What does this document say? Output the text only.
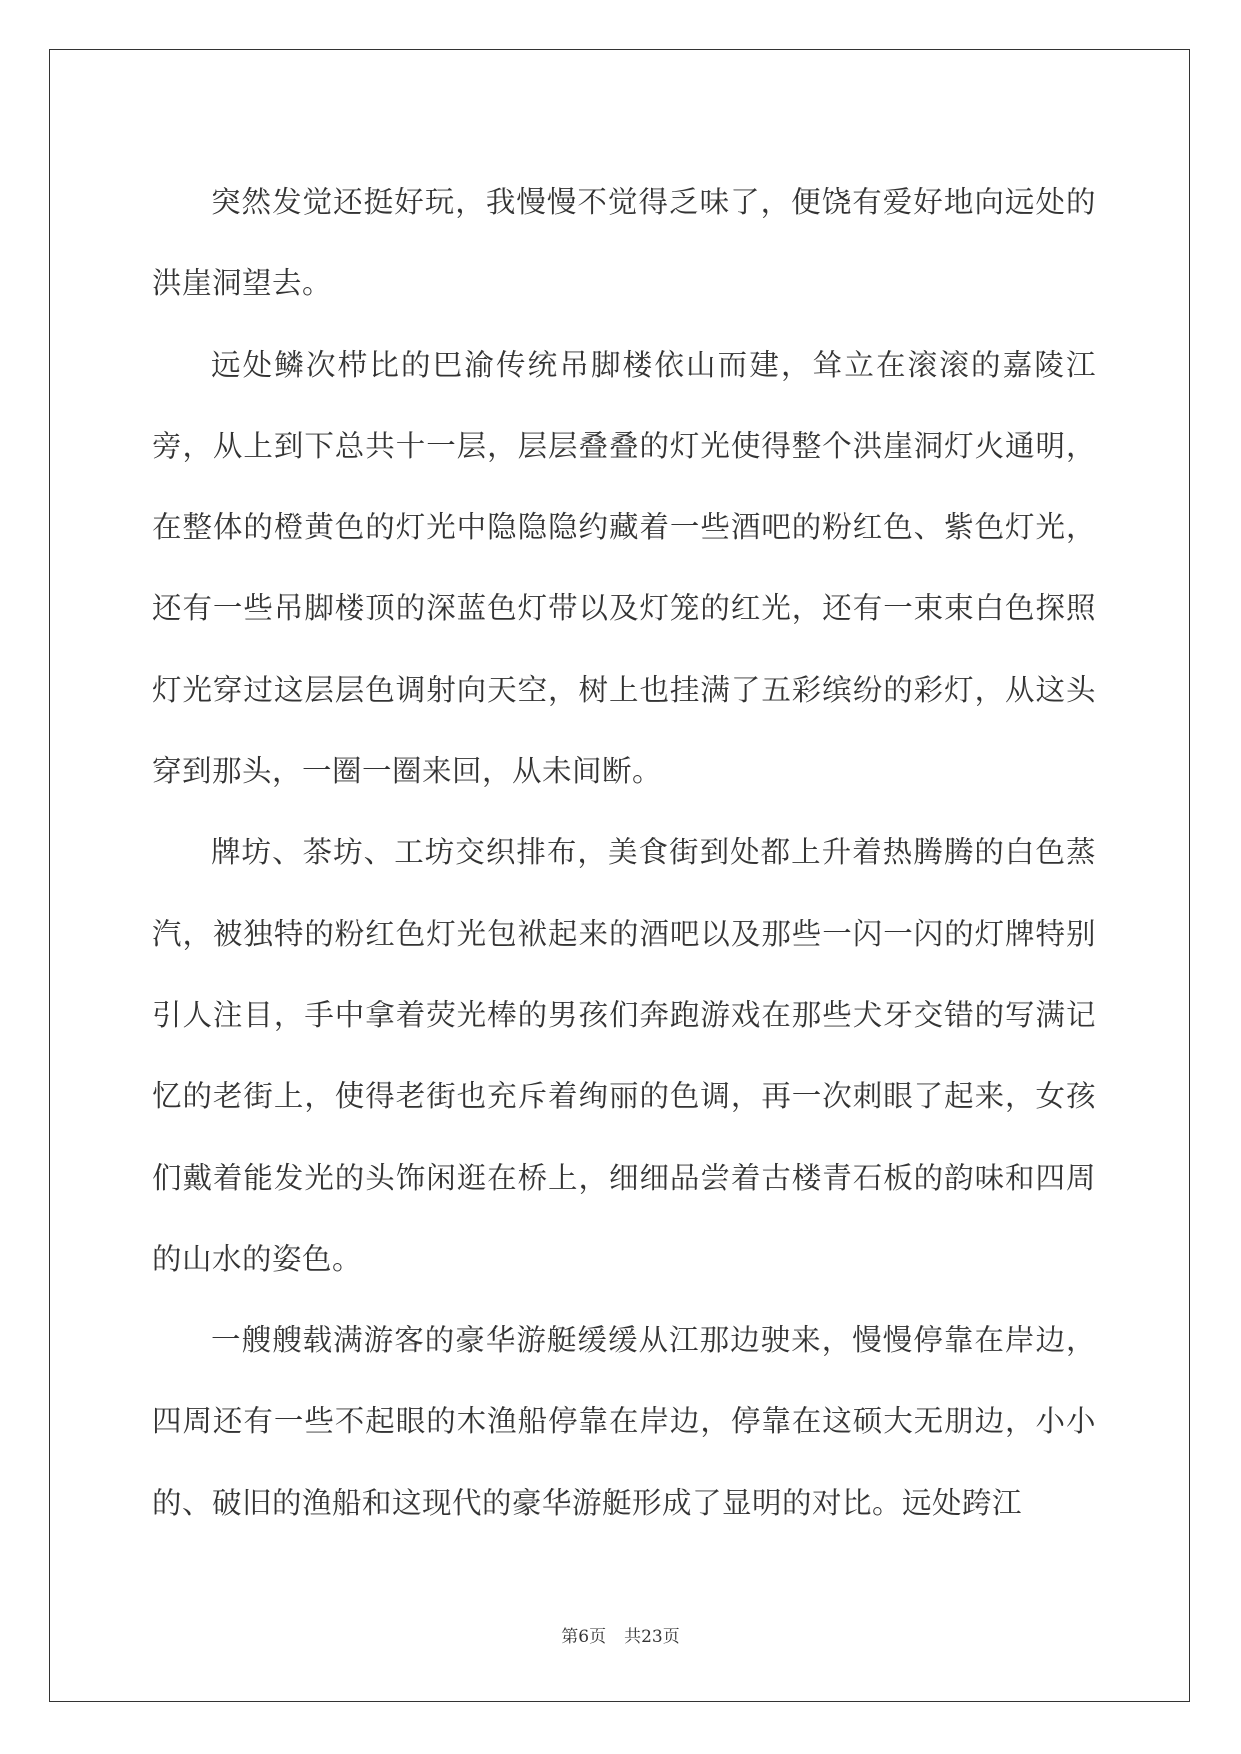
突然发觉还挺好玩，我慢慢不觉得乏味了，便饶有爱好地向远处的洪崖洞望去。

远处鳞次栉比的巴渝传统吊脚楼依山而建，耸立在滚滚的嘉陵江旁，从上到下总共十一层，层层叠叠的灯光使得整个洪崖洞灯火通明，在整体的橙黄色的灯光中隐隐隐约藏着一些酒吧的粉红色、紫色灯光，还有一些吊脚楼顶的深蓝色灯带以及灯笼的红光，还有一束束白色探照灯光穿过这层层色调射向天空，树上也挂满了五彩缤纷的彩灯，从这头穿到那头，一圈一圈来回，从未间断。

牌坊、茶坊、工坊交织排布，美食街到处都上升着热腾腾的白色蒸汽，被独特的粉红色灯光包袱起来的酒吧以及那些一闪一闪的灯牌特别引人注目，手中拿着荧光棒的男孩们奔跑游戏在那些犬牙交错的写满记忆的老街上，使得老街也充斥着绚丽的色调，再一次刺眼了起来，女孩们戴着能发光的头饰闲逛在桥上，细细品尝着古楼青石板的韵味和四周的山水的姿色。

一艘艘载满游客的豪华游艇缓缓从江那边驶来，慢慢停靠在岸边，四周还有一些不起眼的木渔船停靠在岸边，停靠在这硕大无朋边，小小的、破旧的渔船和这现代的豪华游艇形成了显明的对比。远处跨江

第6页 共23页
